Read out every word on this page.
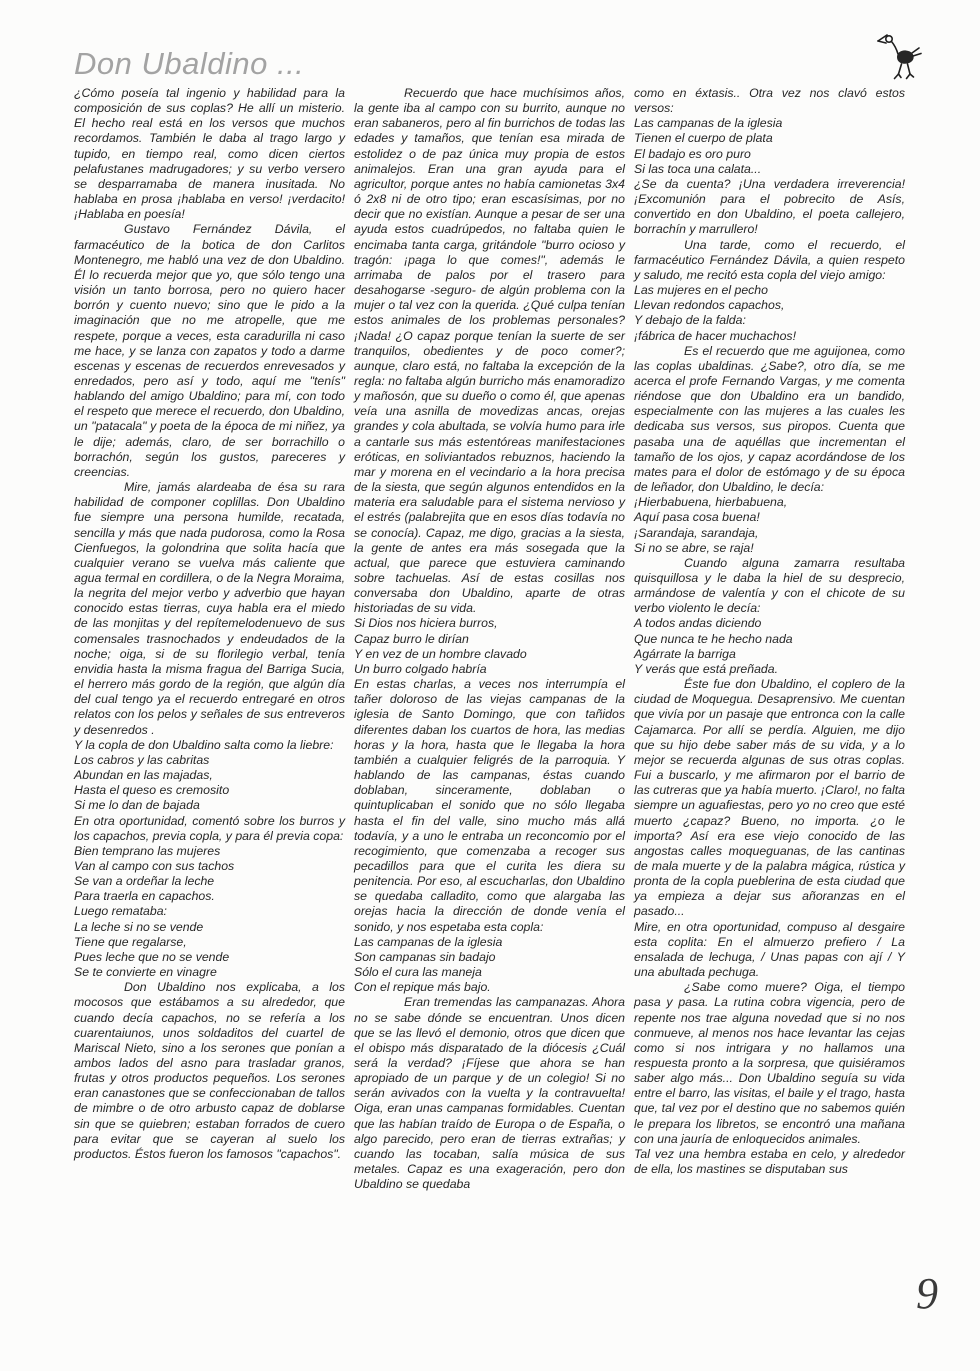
Don Ubaldino ...

¿Cómo poseía tal ingenio y habilidad para la composición de sus coplas? He allí un misterio. El hecho real está en los versos que muchos recordamos. También le daba al trago largo y tupido, en tiempo real, como dicen ciertos pelafustanes madrugadores; y su verbo versero se desparramaba de manera inusitada. No hablaba en prosa ¡hablaba en verso! ¡verdacito! ¡Hablaba en poesía!

Gustavo Fernández Dávila, el farmacéutico de la botica de don Carlitos Montenegro, me habló una vez de don Ubaldino. Él lo recuerda mejor que yo, que sólo tengo una visión un tanto borrosa, pero no quiero hacer borrón y cuento nuevo; sino que le pido a la imaginación que no me atropelle, que me respete, porque a veces, esta caradurilla ni caso me hace, y se lanza con zapatos y todo a darme escenas y escenas de recuerdos enrevesados y enredados, pero así y todo, aquí me "tenís" hablando del amigo Ubaldino; para mí, con todo el respeto que merece el recuerdo, don Ubaldino, un "patacala" y poeta de la época de mi niñez, ya le dije; además, claro, de ser borrachillo o borrachón, según los gustos, pareceres y creencias.

Mire, jamás alardeaba de ésa su rara habilidad de componer coplillas. Don Ubaldino fue siempre una persona humilde, recatada, sencilla y más que nada pudorosa, como la Rosa Cienfuegos, la golondrina que solita hacía que cualquier verano se vuelva más caliente que agua termal en cordillera, o de la Negra Moraima, la negrita del mejor verbo y adverbio que hayan conocido estas tierras, cuya habla era el miedo de las monjitas y del repítemelodenuevo de sus comensales trasnochados y endeudados de la noche; oiga, si de su florilegio verbal, tenía envidia hasta la misma fragua del Barriga Sucia, el herrero más gordo de la región, que algún día del cual tengo ya el recuerdo entregaré en otros relatos con los pelos y señales de sus entreveros y desenredos .

Y la copla de don Ubaldino salta como la liebre:

Los cabros y las cabritas
Abundan en las majadas,
Hasta el queso es cremosito
Si me lo dan de bajada

En otra oportunidad, comentó sobre los burros y los capachos, previa copla, y para él previa copa:

Bien temprano las mujeres
Van al campo con sus tachos
Se van a ordeñar la leche
Para traerla en capachos.
Luego remataba:
La leche si no se vende
Tiene que regalarse,
Pues leche que no se vende
Se te convierte en vinagre

Don Ubaldino nos explicaba, a los mocosos que estábamos a su alrededor, que cuando decía capachos, no se refería a los cuarentaiunos, unos soldaditos del cuartel de Mariscal Nieto, sino a los serones que ponían a ambos lados del asno para trasladar granos, frutas y otros productos pequeños. Los serones eran canastones que se confeccionaban de tallos de mimbre o de otro arbusto capaz de doblarse sin que se quiebren; estaban forrados de cuero para evitar que se cayeran al suelo los productos. Éstos fueron los famosos "capachos".

Recuerdo que hace muchísimos años, la gente iba al campo con su burrito, aunque no eran sabaneros, pero al fin burrichos de todas las edades y tamaños, que tenían esa mirada de estolidez o de paz única muy propia de estos animalejos. Eran una gran ayuda para el agricultor, porque antes no había camionetas 3x4 ó 2x8 ni de otro tipo; eran escasísimas, por no decir que no existían. Aunque a pesar de ser una ayuda estos cuadrúpedos, no faltaba quien le encimaba tanta carga, gritándole "burro ocioso y tragón: ¡paga lo que comes!", además le arrimaba de palos por el trasero para desahogarse -seguro- de algún problema con la mujer o tal vez con la querida. ¿Qué culpa tenían estos animales de los problemas personales? ¡Nada! ¿O capaz porque tenían la suerte de ser tranquilos, obedientes y de poco comer?; aunque, claro está, no faltaba la excepción de la regla: no faltaba algún burricho más enamoradizo y mañosón, que su dueño o como él, que apenas veía una asnilla de movedizas ancas, orejas grandes y cola abultada, se volvía humo para irle a cantarle sus más estentóreas manifestaciones eróticas, en soliviantados rebuznos, haciendo la mar y morena en el vecindario a la hora precisa de la siesta, que según algunos entendidos en la materia era saludable para el sistema nervioso y el estrés (palabrejita que en esos días todavía no se conocía). Capaz, me digo, gracias a la siesta, la gente de antes era más sosegada que la actual, que parece que estuviera caminando sobre tachuelas. Así de estas cosillas nos conversaba don Ubaldino, aparte de otras historiadas de su vida.

Si Dios nos hiciera burros,
Capaz burro le dirían
Y en vez de un hombre clavado
Un burro colgado habría

En estas charlas, a veces nos interrumpía el tañer doloroso de las viejas campanas de la iglesia de Santo Domingo, que con tañidos diferentes daban los cuartos de hora, las medias horas y la hora, hasta que le llegaba la hora también a cualquier feligrés de la parroquia. Y hablando de las campanas, éstas cuando doblaban, sinceramente, doblaban o quintuplicaban el sonido que no sólo llegaba hasta el fin del valle, sino mucho más allá todavía, y a uno le entraba un reconcomio por el recogimiento, que comenzaba a recoger sus pecadillos para que el curita les diera su penitencia. Por eso, al escucharlas, don Ubaldino se quedaba calladito, como que alargaba las orejas hacia la dirección de donde venía el sonido, y nos espetaba esta copla:

Las campanas de la iglesia
Son campanas sin badajo
Sólo el cura las maneja
Con el repique más bajo.

Eran tremendas las campanazas. Ahora no se sabe dónde se encuentran. Unos dicen que se las llevó el demonio, otros que dicen que el obispo más disparatado de la diócesis ¿Cuál será la verdad? ¡Fíjese que ahora se han apropiado de un parque y de un colegio! Si no serán avivados con la vuelta y la contravuelta! Oiga, eran unas campanas formidables. Cuentan que las habían traído de Europa o de España, o algo parecido, pero eran de tierras extrañas; y cuando las tocaban, salía música de sus metales. Capaz es una exageración, pero don Ubaldino se quedaba

como en éxtasis.. Otra vez nos clavó estos versos:

Las campanas de la iglesia
Tienen el cuerpo de plata
El badajo es oro puro
Si las toca una calata...

¿Se da cuenta? ¡Una verdadera irreverencia! ¡Excomunión para el pobrecito de Asís, convertido en don Ubaldino, el poeta callejero, borrachín y marrullero!

Una tarde, como el recuerdo, el farmacéutico Fernández Dávila, a quien respeto y saludo, me recitó esta copla del viejo amigo:

Las mujeres en el pecho
Llevan redondos capachos,
Y debajo de la falda:
¡fábrica de hacer muchachos!

Es el recuerdo que me aguijonea, como las coplas ubaldinas. ¿Sabe?, otro día, se me acerca el profe Fernando Vargas, y me comenta riéndose que don Ubaldino era un bandido, especialmente con las mujeres a las cuales les dedicaba sus versos, sus piropos. Cuenta que pasaba una de aquéllas que incrementan el tamaño de los ojos, y capaz acordándose de los mates para el dolor de estómago y de su época de leñador, don Ubaldino, le decía:

¡Hierbabuena, hierbabuena,
Aquí pasa cosa buena!
¡Sarandaja, sarandaja,
Si no se abre, se raja!

Cuando alguna zamarra resultaba quisquillosa y le daba la hiel de su desprecio, armándose de valentía y con el chicote de su verbo violento le decía:

A todos andas diciendo
Que nunca te he hecho nada
Agárrate la barriga
Y verás que está preñada.

Éste fue don Ubaldino, el coplero de la ciudad de Moquegua. Desaprensivo. Me cuentan que vivía por un pasaje que entronca con la calle Cajamarca. Por allí se perdía. Alguien, me dijo que su hijo debe saber más de su vida, y a lo mejor se recuerda algunas de sus otras coplas. Fui a buscarlo, y me afirmaron por el barrio de las cutreras que ya había muerto. ¡Claro!, no falta siempre un aguafiestas, pero yo no creo que esté muerto ¿capaz? Bueno, no importa. ¿o le importa? Así era ese viejo conocido de las angostas calles moqueguanas, de las cantinas de mala muerte y de la palabra mágica, rústica y pronta de la copla pueblerina de esta ciudad que ya empieza a dejar sus añoranzas en el pasado...

Mire, en otra oportunidad, compuso al desgaire esta coplita: En el almuerzo prefiero / La ensalada de lechuga, / Unas papas con ají / Y una abultada pechuga.

¿Sabe como muere? Oiga, el tiempo pasa y pasa. La rutina cobra vigencia, pero de repente nos trae alguna novedad que si no nos conmueve, al menos nos hace levantar las cejas como si nos intrigara y no hallamos una respuesta pronto a la sorpresa, que quisiéramos saber algo más... Don Ubaldino seguía su vida entre el barro, las visitas, el baile y el trago, hasta que, tal vez por el destino que no sabemos quién le prepara los libretos, se encontró una mañana con una jauría de enloquecidos animales.

Tal vez una hembra estaba en celo, y alrededor de ella, los mastines se disputaban sus

9
